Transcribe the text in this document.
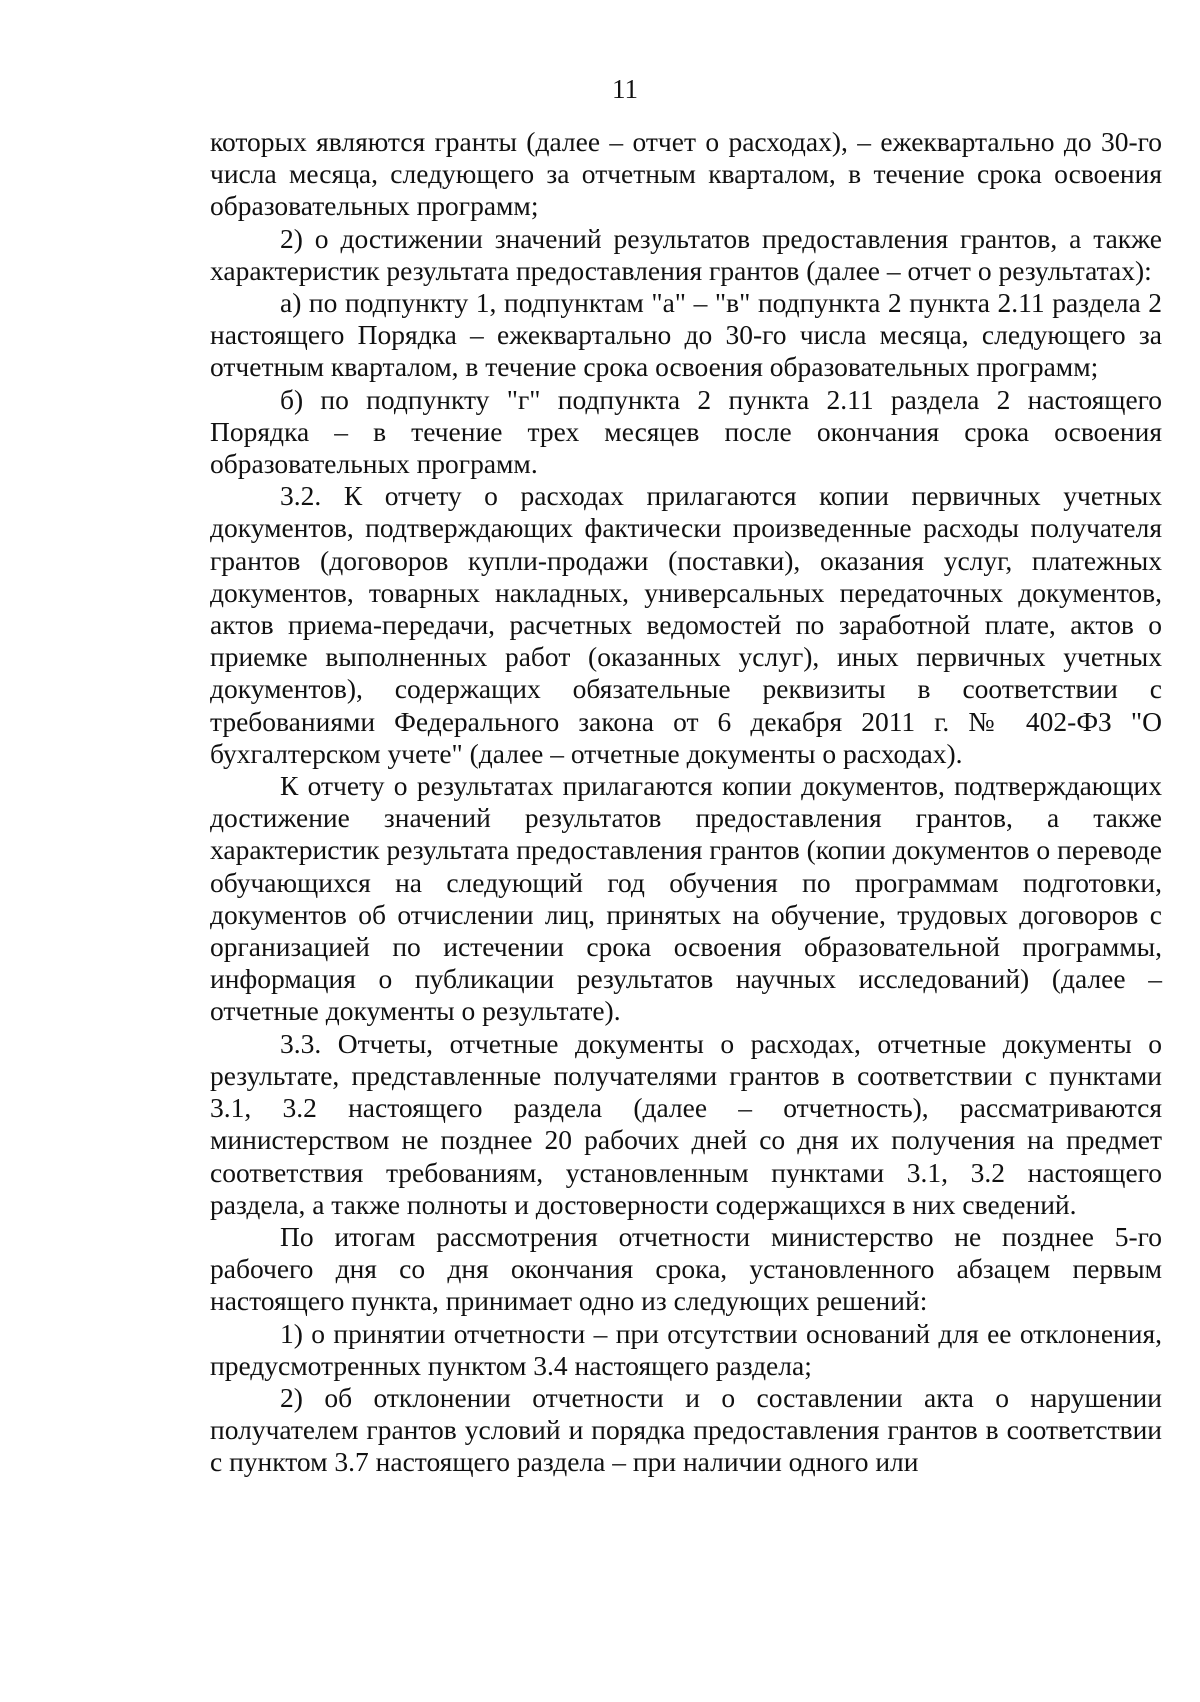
11

которых являются гранты (далее – отчет о расходах), – ежеквартально до 30-го числа месяца, следующего за отчетным кварталом, в течение срока освоения образовательных программ;

2) о достижении значений результатов предоставления грантов, а также характеристик результата предоставления грантов (далее – отчет о результатах):

а) по подпункту 1, подпунктам "а" – "в" подпункта 2 пункта 2.11 раздела 2 настоящего Порядка – ежеквартально до 30-го числа месяца, следующего за отчетным кварталом, в течение срока освоения образовательных программ;

б) по подпункту "г" подпункта 2 пункта 2.11 раздела 2 настоящего Порядка – в течение трех месяцев после окончания срока освоения образовательных программ.

3.2. К отчету о расходах прилагаются копии первичных учетных документов, подтверждающих фактически произведенные расходы получателя грантов (договоров купли-продажи (поставки), оказания услуг, платежных документов, товарных накладных, универсальных передаточных документов, актов приема-передачи, расчетных ведомостей по заработной плате, актов о приемке выполненных работ (оказанных услуг), иных первичных учетных документов), содержащих обязательные реквизиты в соответствии с требованиями Федерального закона от 6 декабря 2011 г. № 402-ФЗ "О бухгалтерском учете" (далее – отчетные документы о расходах).

К отчету о результатах прилагаются копии документов, подтверждающих достижение значений результатов предоставления грантов, а также характеристик результата предоставления грантов (копии документов о переводе обучающихся на следующий год обучения по программам подготовки, документов об отчислении лиц, принятых на обучение, трудовых договоров с организацией по истечении срока освоения образовательной программы, информация о публикации результатов научных исследований) (далее – отчетные документы о результате).

3.3. Отчеты, отчетные документы о расходах, отчетные документы о результате, представленные получателями грантов в соответствии с пунктами 3.1, 3.2 настоящего раздела (далее – отчетность), рассматриваются министерством не позднее 20 рабочих дней со дня их получения на предмет соответствия требованиям, установленным пунктами 3.1, 3.2 настоящего раздела, а также полноты и достоверности содержащихся в них сведений.

По итогам рассмотрения отчетности министерство не позднее 5-го рабочего дня со дня окончания срока, установленного абзацем первым настоящего пункта, принимает одно из следующих решений:

1) о принятии отчетности – при отсутствии оснований для ее отклонения, предусмотренных пунктом 3.4 настоящего раздела;

2) об отклонении отчетности и о составлении акта о нарушении получателем грантов условий и порядка предоставления грантов в соответствии с пунктом 3.7 настоящего раздела – при наличии одного или
